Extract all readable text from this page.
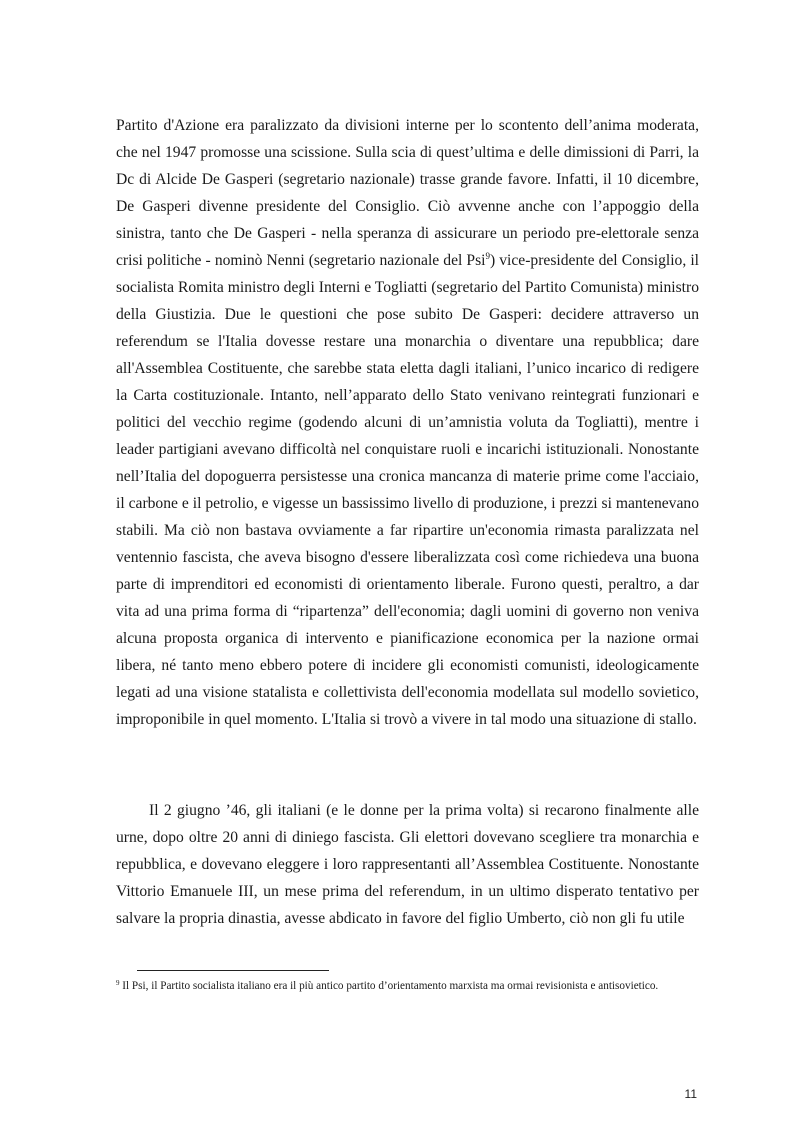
Partito d'Azione era paralizzato da divisioni interne per lo scontento dell’anima moderata, che nel 1947 promosse una scissione. Sulla scia di quest’ultima e delle dimissioni di Parri, la Dc di Alcide De Gasperi (segretario nazionale) trasse grande favore. Infatti, il 10 dicembre, De Gasperi divenne presidente del Consiglio. Ciò avvenne anche con l’appoggio della sinistra, tanto che De Gasperi - nella speranza di assicurare un periodo pre-elettorale senza crisi politiche - nominò Nenni (segretario nazionale del Psi$^9$) vice-presidente del Consiglio, il socialista Romita ministro degli Interni e Togliatti (segretario del Partito Comunista) ministro della Giustizia. Due le questioni che pose subito De Gasperi: decidere attraverso un referendum se l'Italia dovesse restare una monarchia o diventare una repubblica; dare all'Assemblea Costituente, che sarebbe stata eletta dagli italiani, l’unico incarico di redigere la Carta costituzionale. Intanto, nell’apparato dello Stato venivano reintegrati funzionari e politici del vecchio regime (godendo alcuni di un’amnistia voluta da Togliatti), mentre i leader partigiani avevano difficoltà nel conquistare ruoli e incarichi istituzionali. Nonostante nell’Italia del dopoguerra persistesse una cronica mancanza di materie prime come l'acciaio, il carbone e il petrolio, e vigesse un bassissimo livello di produzione, i prezzi si mantenevano stabili. Ma ciò non bastava ovviamente a far ripartire un'economia rimasta paralizzata nel ventennio fascista, che aveva bisogno d'essere liberalizzata così come richiedeva una buona parte di imprenditori ed economisti di orientamento liberale. Furono questi, peraltro, a dar vita ad una prima forma di “ripartenza” dell'economia; dagli uomini di governo non veniva alcuna proposta organica di intervento e pianificazione economica per la nazione ormai libera, né tanto meno ebbero potere di incidere gli economisti comunisti, ideologicamente legati ad una visione statalista e collettivista dell'economia modellata sul modello sovietico, improponibile in quel momento. L'Italia si trovò a vivere in tal modo una situazione di stallo.

Il 2 giugno ’46, gli italiani (e le donne per la prima volta) si recarono finalmente alle urne, dopo oltre 20 anni di diniego fascista. Gli elettori dovevano scegliere tra monarchia e repubblica, e dovevano eleggere i loro rappresentanti all’Assemblea Costituente. Nonostante Vittorio Emanuele III, un mese prima del referendum, in un ultimo disperato tentativo per salvare la propria dinastia, avesse abdicato in favore del figlio Umberto, ciò non gli fu utile

$^9$ Il Psi, il Partito socialista italiano era il più antico partito d’orientamento marxista ma ormai revisionista e antisovietico.
11
